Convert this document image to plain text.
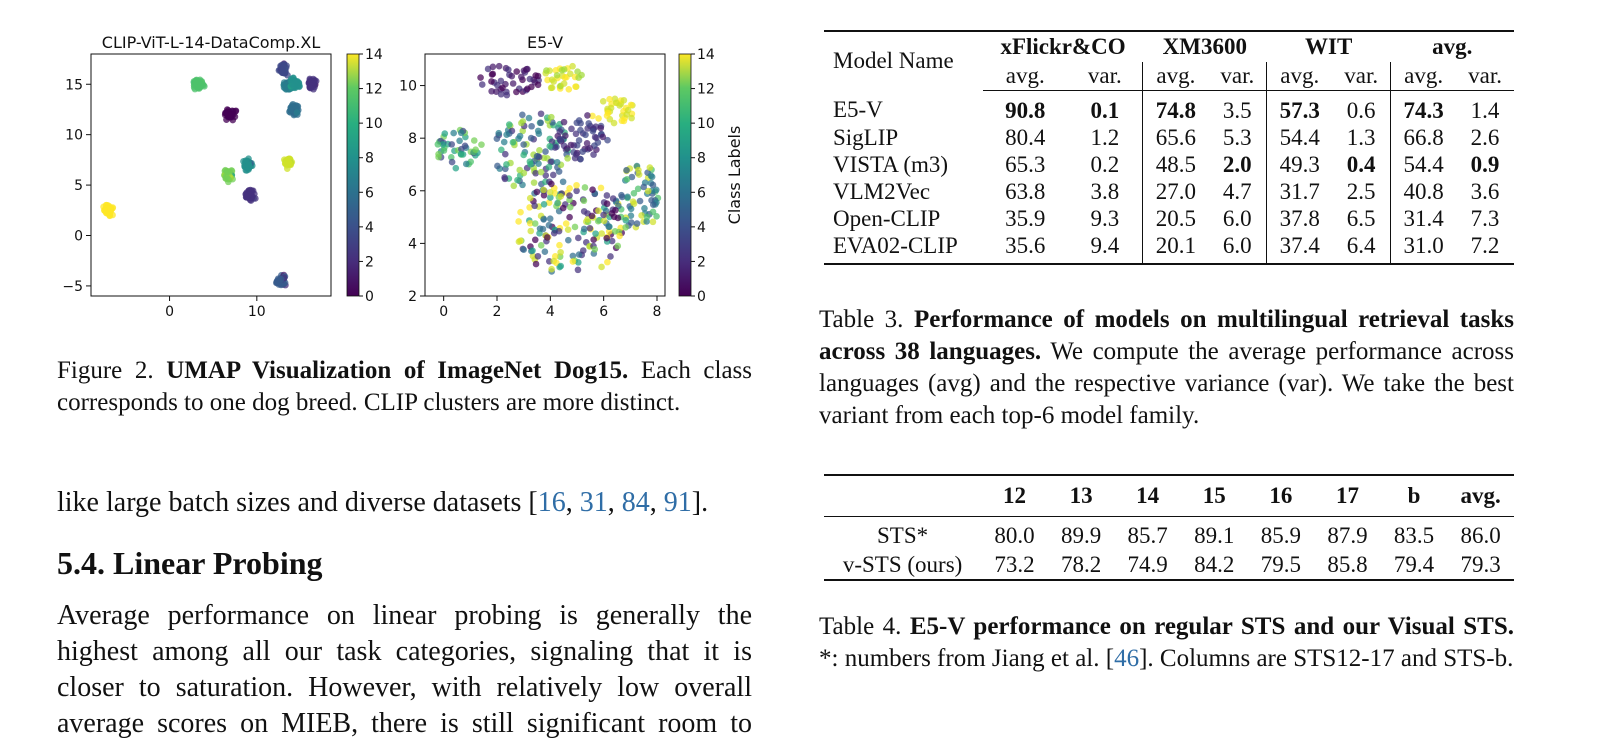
CLIP-ViT-L-14-DataComp.XL
0	10
−5
0
5
10
15
0
2
4
6
8
10
12
14
E5-V
0	2	4	6	8
2
4
6
8
10
0
2
4
6
8
10
12
14
Class Labels
Figure 2. UMAP Visualization of ImageNet Dog15. Each class corresponds to one dog breed. CLIP clusters are more distinct.
like large batch sizes and diverse datasets [16, 31, 84, 91].
5.4. Linear Probing
Average performance on linear probing is generally the
highest among all our task categories, signaling that it is
closer to saturation. However, with relatively low overall
average scores on MIEB, there is still significant room to
Model Name	xFlickr&CO		XM3600		WIT		avg.	
	avg.	var.	avg.	var.	avg.	var.	avg.	var.
E5-V	90.8	0.1	74.8	3.5	57.3	0.6	74.3	1.4
SigLIP	80.4	1.2	65.6	5.3	54.4	1.3	66.8	2.6
VISTA (m3)	65.3	0.2	48.5	2.0	49.3	0.4	54.4	0.9
VLM2Vec	63.8	3.8	27.0	4.7	31.7	2.5	40.8	3.6
Open-CLIP	35.9	9.3	20.5	6.0	37.8	6.5	31.4	7.3
EVA02-CLIP	35.6	9.4	20.1	6.0	37.4	6.4	31.0	7.2
Table 3. Performance of models on multilingual retrieval tasks across 38 languages. We compute the average performance across languages (avg) and the respective variance (var). We take the best variant from each top-6 model family.
	12	13	14	15	16	17	b	avg.
STS*	80.0	89.9	85.7	89.1	85.9	87.9	83.5	86.0
v-STS (ours)	73.2	78.2	74.9	84.2	79.5	85.8	79.4	79.3
Table 4. E5-V performance on regular STS and our Visual STS. *: numbers from Jiang et al. [46]. Columns are STS12-17 and STS-b.
